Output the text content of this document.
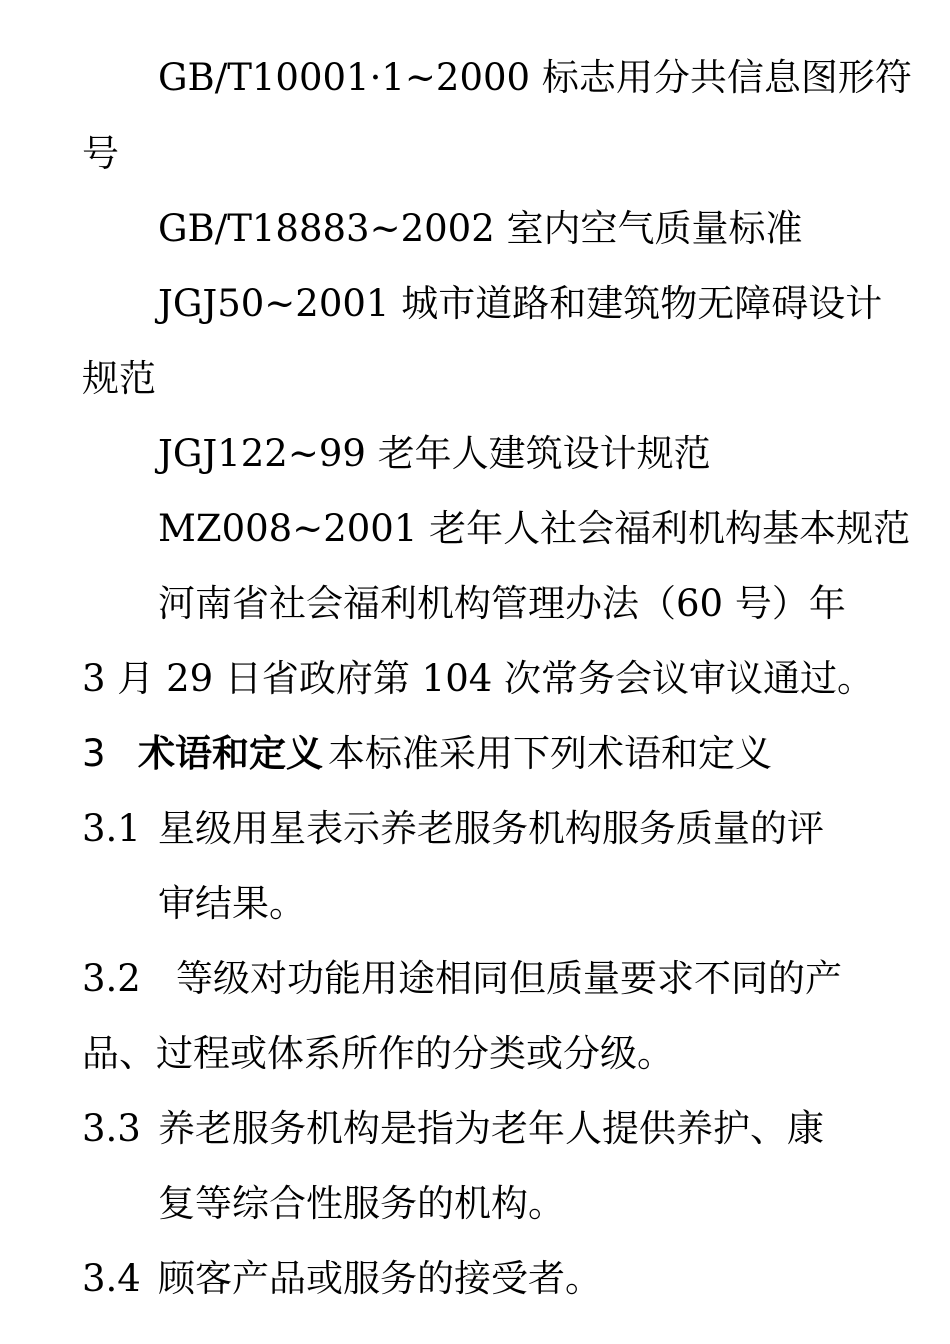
GB/T10001·1~2000 标志用分共信息图形符
号
GB/T18883~2002 室内空气质量标准
JGJ50~2001 城市道路和建筑物无障碍设计
规范
JGJ122~99 老年人建筑设计规范
MZ008~2001 老年人社会福利机构基本规范
河南省社会福利机构管理办法（60 号）年
3 月 29 日省政府第 104 次常务会议审议通过。
3 术语和定义 本标准采用下列术语和定义
3.1 星级用星表示养老服务机构服务质量的评
审结果。
3.2 等级对功能用途相同但质量要求不同的产
品、过程或体系所作的分类或分级。
3.3 养老服务机构是指为老年人提供养护、康
复等综合性服务的机构。
3.4 顾客产品或服务的接受者。
